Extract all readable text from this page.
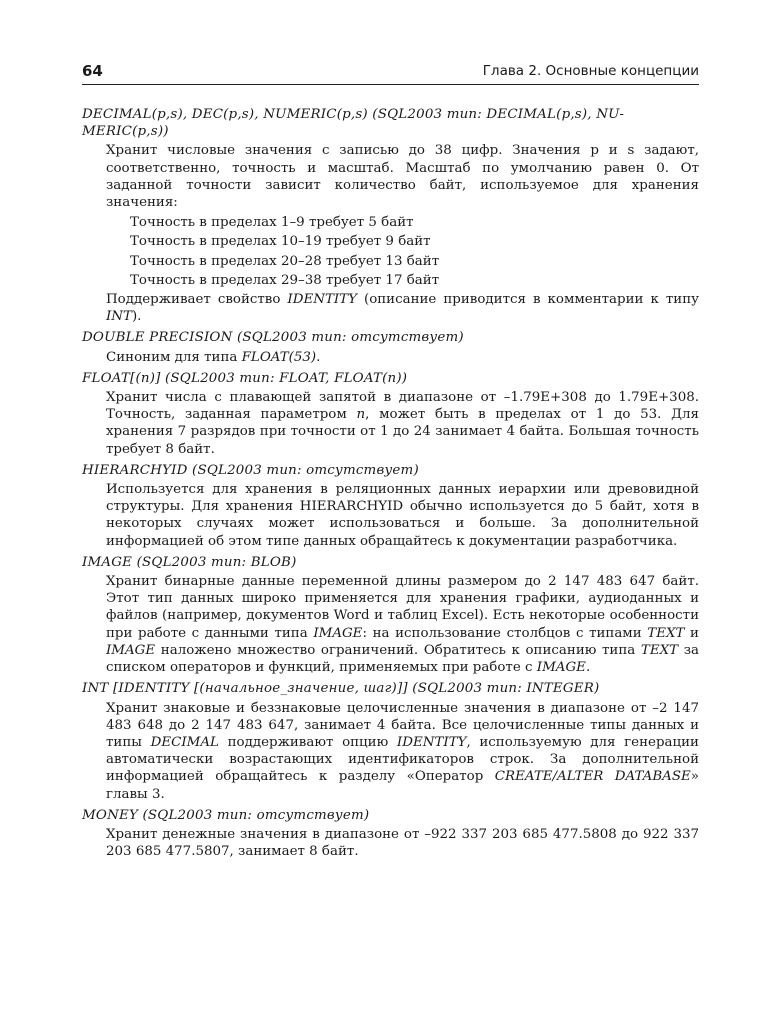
64	Глава 2. Основные концепции

DECIMAL(p,s), DEC(p,s), NUMERIC(p,s) (SQL2003 тип: DECIMAL(p,s), NU-MERIC(p,s))

Хранит числовые значения с записью до 38 цифр. Значения p и s задают, соответственно, точность и масштаб. Масштаб по умолчанию равен 0. От заданной точности зависит количество байт, используемое для хранения значения:

Точность в пределах 1–9 требует 5 байт

Точность в пределах 10–19 требует 9 байт

Точность в пределах 20–28 требует 13 байт

Точность в пределах 29–38 требует 17 байт

Поддерживает свойство IDENTITY (описание приводится в комментарии к типу INT).

DOUBLE PRECISION (SQL2003 тип: отсутствует)

Синоним для типа FLOAT(53).

FLOAT[(n)] (SQL2003 тип: FLOAT, FLOAT(n))

Хранит числа с плавающей запятой в диапазоне от –1.79E+308 до 1.79E+308. Точность, заданная параметром n, может быть в пределах от 1 до 53. Для хранения 7 разрядов при точности от 1 до 24 занимает 4 байта. Большая точность требует 8 байт.

HIERARCHYID (SQL2003 тип: отсутствует)

Используется для хранения в реляционных данных иерархии или древовидной структуры. Для хранения HIERARCHYID обычно используется до 5 байт, хотя в некоторых случаях может использоваться и больше. За дополнительной информацией об этом типе данных обращайтесь к документации разработчика.

IMAGE (SQL2003 тип: BLOB)

Хранит бинарные данные переменной длины размером до 2 147 483 647 байт. Этот тип данных широко применяется для хранения графики, аудиоданных и файлов (например, документов Word и таблиц Excel). Есть некоторые особенности при работе с данными типа IMAGE: на использование столбцов с типами TEXT и IMAGE наложено множество ограничений. Обратитесь к описанию типа TEXT за списком операторов и функций, применяемых при работе с IMAGE.

INT [IDENTITY [(начальное_значение, шаг)]] (SQL2003 тип: INTEGER)

Хранит знаковые и беззнаковые целочисленные значения в диапазоне от –2 147 483 648 до 2 147 483 647, занимает 4 байта. Все целочисленные типы данных и типы DECIMAL поддерживают опцию IDENTITY, используемую для генерации автоматически возрастающих идентификаторов строк. За дополнительной информацией обращайтесь к разделу «Оператор CREATE/ALTER DATABASE» главы 3.

MONEY (SQL2003 тип: отсутствует)

Хранит денежные значения в диапазоне от –922 337 203 685 477.5808 до 922 337 203 685 477.5807, занимает 8 байт.
